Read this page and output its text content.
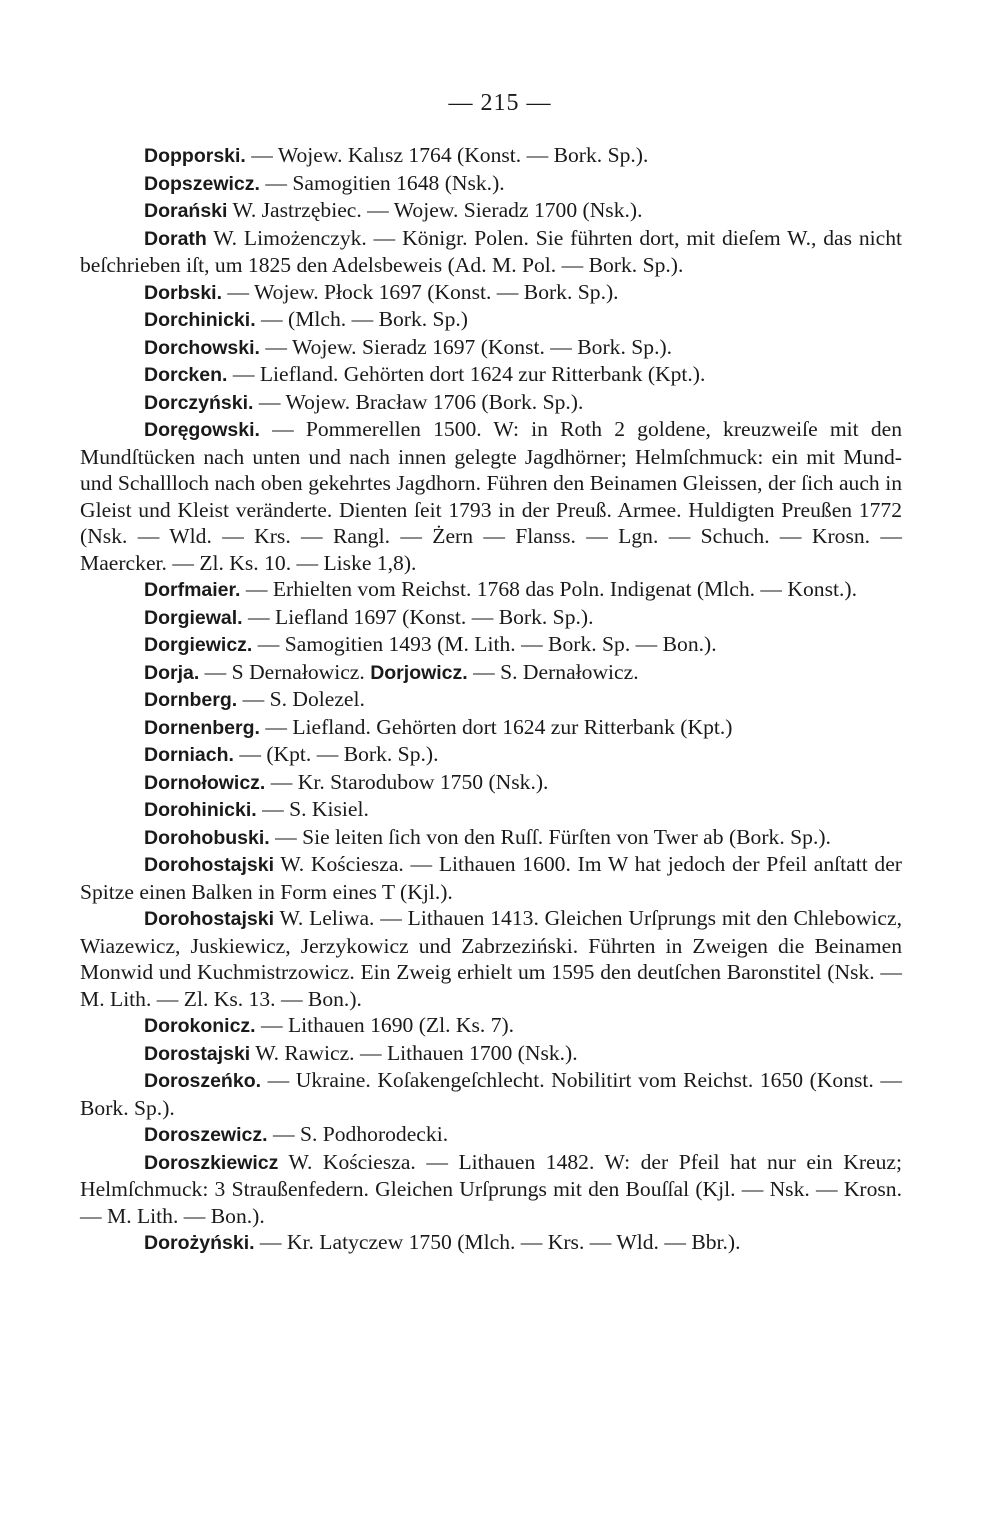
— 215 —

Dopporski. — Wojew. Kalısz 1764 (Konst. — Bork. Sp.).

Dopszewicz. — Samogitien 1648 (Nsk.).

Dorański W. Jastrzębiec. — Wojew. Sieradz 1700 (Nsk.).

Dorath W. Limożenczyk. — Königr. Polen. Sie führten dort, mit dieſem W., das nicht beſchrieben iſt, um 1825 den Adelsbeweis (Ad. M. Pol. — Bork. Sp.).

Dorbski. — Wojew. Płock 1697 (Konst. — Bork. Sp.).

Dorchinicki. — (Mlch. — Bork. Sp.)

Dorchowski. — Wojew. Sieradz 1697 (Konst. — Bork. Sp.).

Dorcken. — Liefland. Gehörten dort 1624 zur Ritterbank (Kpt.).

Dorczyński. — Wojew. Bracław 1706 (Bork. Sp.).

Doręgowski. — Pommerellen 1500. W: in Roth 2 goldene, kreuzweiſe mit den Mundſtücken nach unten und nach innen gelegte Jagdhörner; Helmſchmuck: ein mit Mund- und Schallloch nach oben gekehrtes Jagdhorn. Führen den Beinamen Gleissen, der ſich auch in Gleist und Kleist veränderte. Dienten ſeit 1793 in der Preuß. Armee. Huldigten Preußen 1772 (Nsk. — Wld. — Krs. — Rangl. — Żern — Flanss. — Lgn. — Schuch. — Krosn. — Maercker. — Zl. Ks. 10. — Liske 1,8).

Dorfmaier. — Erhielten vom Reichst. 1768 das Poln. Indigenat (Mlch. — Konst.).

Dorgiewal. — Liefland 1697 (Konst. — Bork. Sp.).

Dorgiewicz. — Samogitien 1493 (M. Lith. — Bork. Sp. — Bon.).

Dorja. — S Dernałowicz. Dorjowicz. — S. Dernałowicz.

Dornberg. — S. Dolezel.

Dornenberg. — Liefland. Gehörten dort 1624 zur Ritterbank (Kpt.)

Dorniach. — (Kpt. — Bork. Sp.).

Dornołowicz. — Kr. Starodubow 1750 (Nsk.).

Dorohinicki. — S. Kisiel.

Dorohobuski. — Sie leiten ſich von den Ruſſ. Fürſten von Twer ab (Bork. Sp.).

Dorohostajski W. Kościesza. — Lithauen 1600. Im W hat jedoch der Pfeil anſtatt der Spitze einen Balken in Form eines T (Kjl.).

Dorohostajski W. Leliwa. — Lithauen 1413. Gleichen Urſprungs mit den Chlebowicz, Wiazewicz, Juskiewicz, Jerzykowicz und Zabrzeziński. Führten in Zweigen die Beinamen Monwid und Kuchmistrzowicz. Ein Zweig erhielt um 1595 den deutſchen Baronstitel (Nsk. — M. Lith. — Zl. Ks. 13. — Bon.).

Dorokonicz. — Lithauen 1690 (Zl. Ks. 7).

Dorostajski W. Rawicz. — Lithauen 1700 (Nsk.).

Doroszeńko. — Ukraine. Koſakengeſchlecht. Nobilitirt vom Reichst. 1650 (Konst. — Bork. Sp.).

Doroszewicz. — S. Podhorodecki.

Doroszkiewicz W. Kościesza. — Lithauen 1482. W: der Pfeil hat nur ein Kreuz; Helmſchmuck: 3 Straußenfedern. Gleichen Urſprungs mit den Bouſſal (Kjl. — Nsk. — Krosn. — M. Lith. — Bon.).

Dorożyński. — Kr. Latyczew 1750 (Mlch. — Krs. — Wld. — Bbr.).
